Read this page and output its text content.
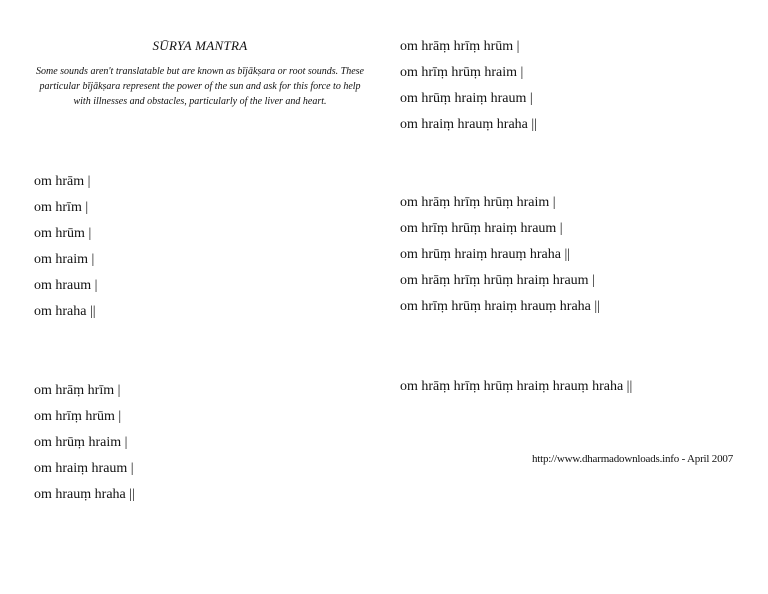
SŪRYA MANTRA
Some sounds aren't translatable but are known as bījākṣara or root sounds. These particular bījākṣara represent the power of the sun and ask for this force to help with illnesses and obstacles, particularly of the liver and heart.
om hrām |
om hrīm |
om hrūm |
om hraim |
om hraum |
om hraha ||
om hrāṃ hrīm |
om hrīṃ hrūm |
om hrūṃ hraim |
om hraiṃ hraum |
om hrauṃ hraha ||
om hrāṃ hrīṃ hrūm |
om hrīṃ hrūṃ hraim |
om hrūṃ hraiṃ hraum |
om hraiṃ hrauṃ hraha ||
om hrāṃ hrīṃ hrūṃ hraim |
om hrīṃ hrūṃ hraiṃ hraum |
om hrūṃ hraiṃ hrauṃ hraha ||
om hrāṃ hrīṃ hrūṃ hraiṃ hraum |
om hrīṃ hrūṃ hraiṃ hrauṃ hraha ||
om hrāṃ hrīṃ hrūṃ hraiṃ hrauṃ hraha ||
http://www.dharmadownloads.info - April 2007
